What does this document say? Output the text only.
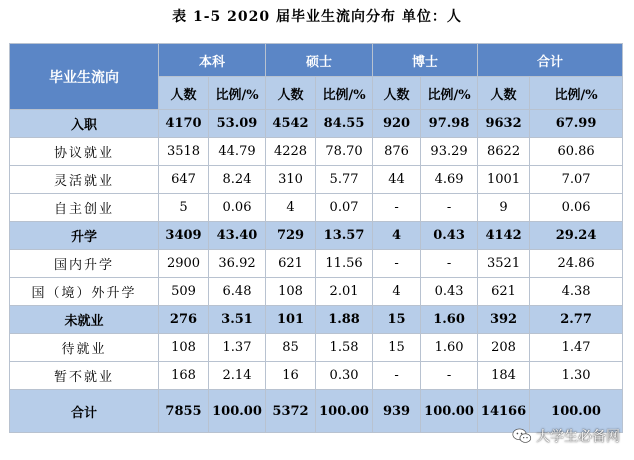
表 1-5 2020 届毕业生流向分布 单位：人
毕业生流向	本科		硕士		博士		合计	
	人数	比例/%	人数	比例/%	人数	比例/%	人数	比例/%
入职	4170	53.09	4542	84.55	920	97.98	9632	67.99
协议就业	3518	44.79	4228	78.70	876	93.29	8622	60.86
灵活就业	647	8.24	310	5.77	44	4.69	1001	7.07
自主创业	5	0.06	4	0.07	-	-	9	0.06
升学	3409	43.40	729	13.57	4	0.43	4142	29.24
国内升学	2900	36.92	621	11.56	-	-	3521	24.86
国（境）外升学	509	6.48	108	2.01	4	0.43	621	4.38
未就业	276	3.51	101	1.88	15	1.60	392	2.77
待就业	108	1.37	85	1.58	15	1.60	208	1.47
暂不就业	168	2.14	16	0.30	-	-	184	1.30
合计	7855	100.00	5372	100.00	939	100.00	14166	100.00
大学生必备网
